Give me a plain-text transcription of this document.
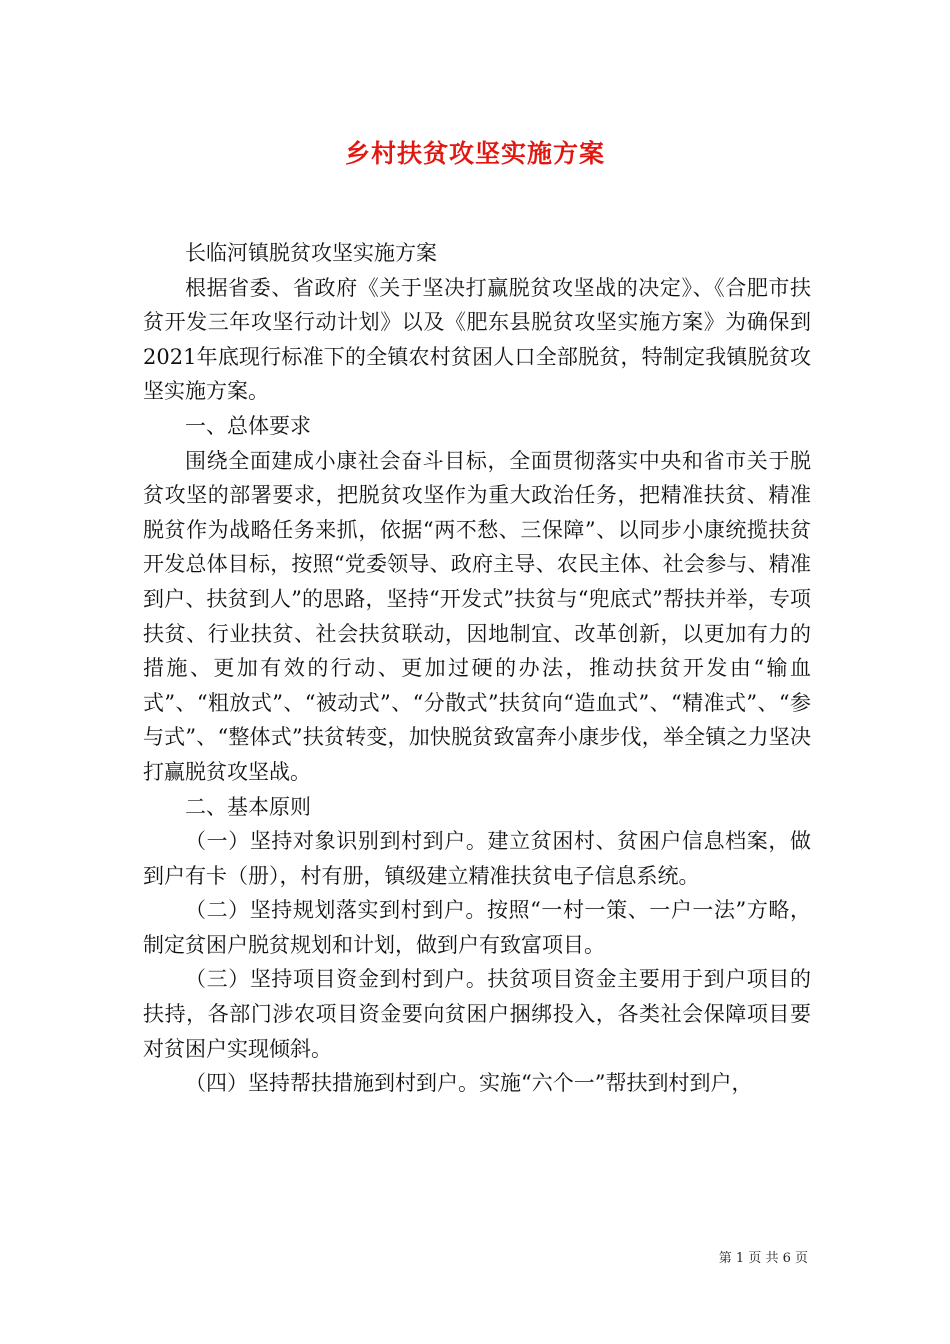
乡村扶贫攻坚实施方案

长临河镇脱贫攻坚实施方案

根据省委、省政府《关于坚决打赢脱贫攻坚战的决定》、《合肥市扶贫开发三年攻坚行动计划》以及《肥东县脱贫攻坚实施方案》为确保到2021年底现行标准下的全镇农村贫困人口全部脱贫，特制定我镇脱贫攻坚实施方案。

一、总体要求

围绕全面建成小康社会奋斗目标，全面贯彻落实中央和省市关于脱贫攻坚的部署要求，把脱贫攻坚作为重大政治任务，把精准扶贫、精准脱贫作为战略任务来抓，依据“两不愁、三保障”、以同步小康统揽扶贫开发总体目标，按照“党委领导、政府主导、农民主体、社会参与、精准到户、扶贫到人”的思路，坚持“开发式”扶贫与“兜底式”帮扶并举，专项扶贫、行业扶贫、社会扶贫联动，因地制宜、改革创新，以更加有力的措施、更加有效的行动、更加过硬的办法，推动扶贫开发由“输血式”、“粗放式”、“被动式”、“分散式”扶贫向“造血式”、“精准式”、“参与式”、“整体式”扶贫转变，加快脱贫致富奔小康步伐，举全镇之力坚决打赢脱贫攻坚战。

二、基本原则

（一）坚持对象识别到村到户。建立贫困村、贫困户信息档案，做到户有卡（册），村有册，镇级建立精准扶贫电子信息系统。

（二）坚持规划落实到村到户。按照“一村一策、一户一法”方略，制定贫困户脱贫规划和计划，做到户有致富项目。

（三）坚持项目资金到村到户。扶贫项目资金主要用于到户项目的扶持，各部门涉农项目资金要向贫困户捆绑投入，各类社会保障项目要对贫困户实现倾斜。

（四）坚持帮扶措施到村到户。实施“六个一”帮扶到村到户，

第 1 页 共 6 页
